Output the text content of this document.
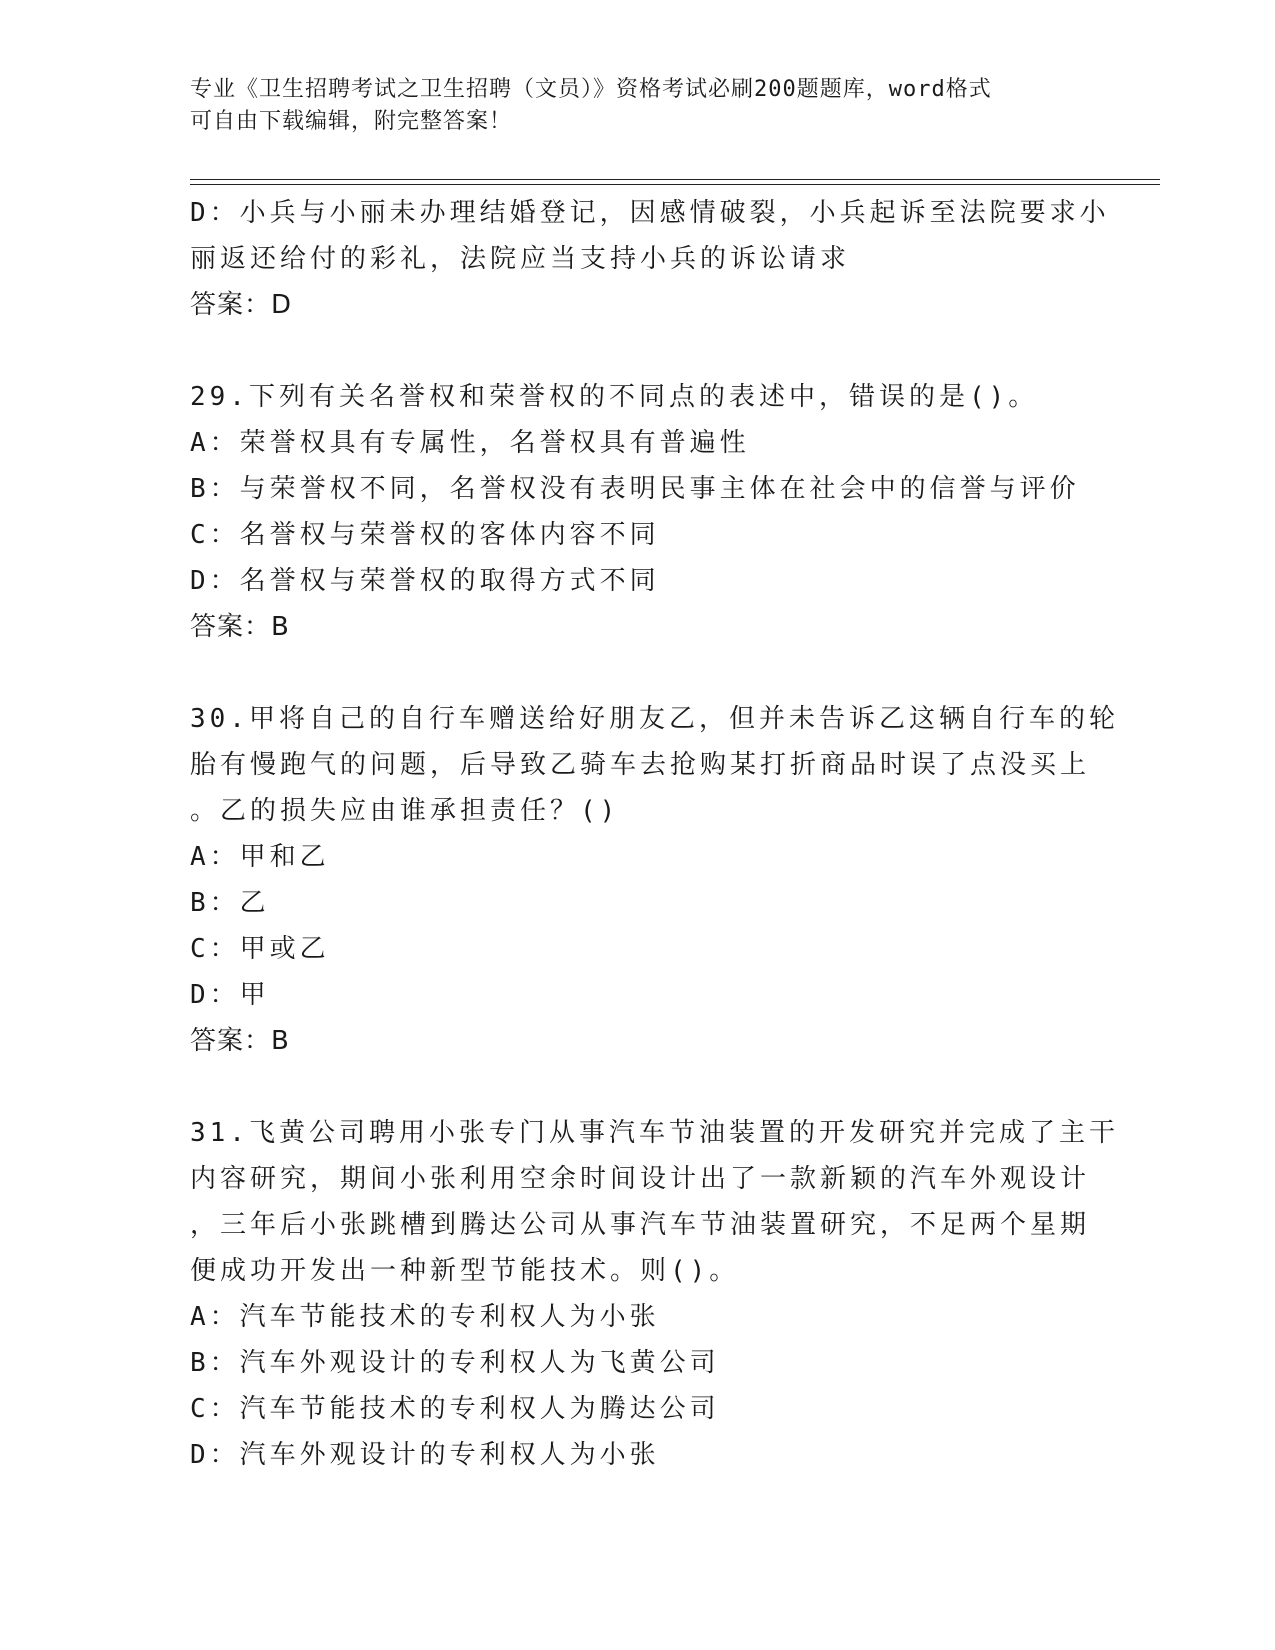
专业《卫生招聘考试之卫生招聘（文员）》资格考试必刷200题题库，word格式
可自由下载编辑，附完整答案！
D：小兵与小丽未办理结婚登记，因感情破裂，小兵起诉至法院要求小
丽返还给付的彩礼，法院应当支持小兵的诉讼请求
答案：D
29.下列有关名誉权和荣誉权的不同点的表述中，错误的是()。
A：荣誉权具有专属性，名誉权具有普遍性
B：与荣誉权不同，名誉权没有表明民事主体在社会中的信誉与评价
C：名誉权与荣誉权的客体内容不同
D：名誉权与荣誉权的取得方式不同
答案：B
30.甲将自己的自行车赠送给好朋友乙，但并未告诉乙这辆自行车的轮
胎有慢跑气的问题，后导致乙骑车去抢购某打折商品时误了点没买上
。乙的损失应由谁承担责任？()
A：甲和乙
B：乙
C：甲或乙
D：甲
答案：B
31.飞黄公司聘用小张专门从事汽车节油装置的开发研究并完成了主干
内容研究，期间小张利用空余时间设计出了一款新颖的汽车外观设计
，三年后小张跳槽到腾达公司从事汽车节油装置研究，不足两个星期
便成功开发出一种新型节能技术。则()。
A：汽车节能技术的专利权人为小张
B：汽车外观设计的专利权人为飞黄公司
C：汽车节能技术的专利权人为腾达公司
D：汽车外观设计的专利权人为小张
